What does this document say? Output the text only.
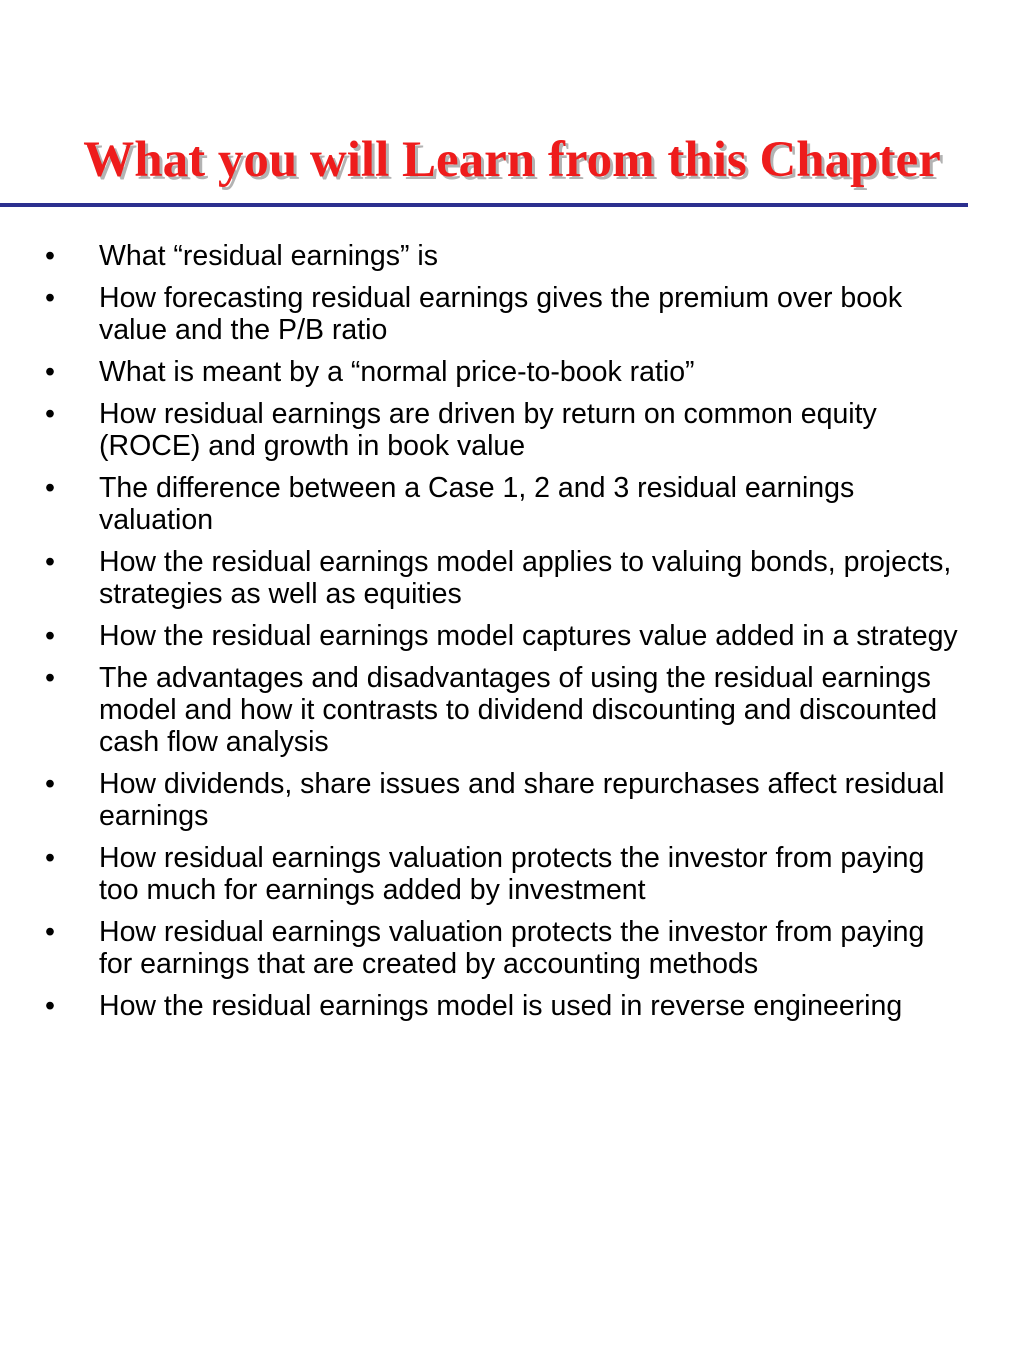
What you will Learn from this Chapter
•	What “residual earnings” is
•	How forecasting residual earnings gives the premium over book value and the P/B ratio
•	What is meant by a “normal price-to-book ratio”
•	How residual earnings are driven by return on common equity (ROCE) and growth in book value
•	The difference between a Case 1, 2 and 3 residual earnings valuation
•	How the residual earnings model applies to valuing bonds, projects, strategies as well as equities
•	How the residual earnings model captures value added in a strategy
•	The advantages and disadvantages of using the residual earnings model and how it contrasts to dividend discounting and discounted cash flow analysis
•	How dividends, share issues and share repurchases affect residual earnings
•	How residual earnings valuation protects the investor from paying too much for earnings added by investment
•	How residual earnings valuation protects the investor from paying for earnings that are created by accounting methods
•	How the residual earnings model is used in reverse engineering
